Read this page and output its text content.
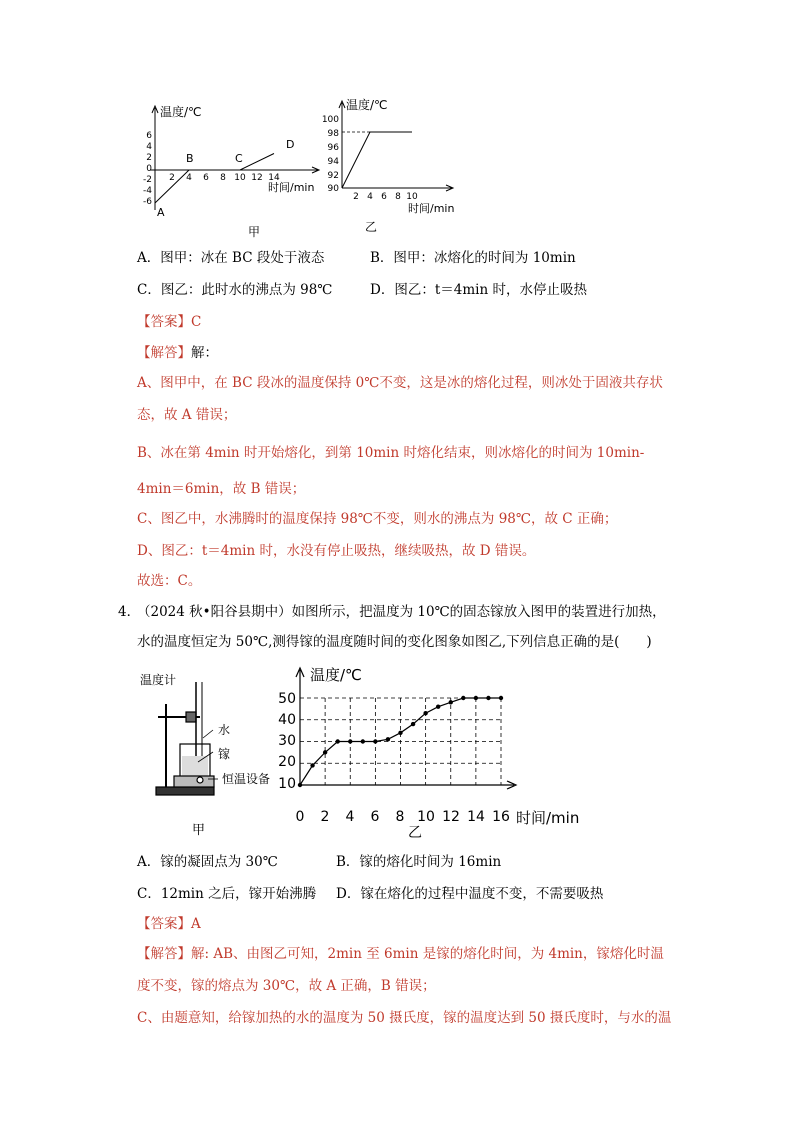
温度/℃
时间/min
6
4
2
0
-2
-4
-6
2 4 6 8 10 12 14
A
B	C
D
甲
温度/℃
时间/min
100
98
96
94
92
90
2 4 6 8 10
乙
A．图甲：冰在 BC 段处于液态	B．图甲：冰熔化的时间为 10min
C．图乙：此时水的沸点为 98℃	D．图乙：t＝4min 时，水停止吸热
【答案】C
【解答】解：
A、图甲中，在 BC 段冰的温度保持 0℃不变，这是冰的熔化过程，则冰处于固液共存状态，故 A 错误；
B、冰在第 4min 时开始熔化，到第 10min 时熔化结束，则冰熔化的时间为 10min-4min＝6min，故 B 错误；
C、图乙中，水沸腾时的温度保持 98℃不变，则水的沸点为 98℃，故 C 正确；
D、图乙：t＝4min 时，水没有停止吸热，继续吸热，故 D 错误。
故选：C。
4．
（2024 秋•阳谷县期中）如图所示，把温度为 10℃的固态镓放入图甲的装置进行加热，
水的温度恒定为 50℃,测得镓的温度随时间的变化图象如图乙,下列信息正确的是(　　)
温度计
水
镓
恒温设备
甲
温度/℃
时间/min
50
40
30
20
10
0 2 4 6 8 10 12 14 16
乙
A．镓的凝固点为 30℃	B．镓的熔化时间为 16min
C．12min 之后，镓开始沸腾 D．镓在熔化的过程中温度不变，不需要吸热
【答案】A
【解答】解: AB、由图乙可知，2min 至 6min 是镓的熔化时间，为 4min，镓熔化时温度不变，镓的熔点为 30℃，故 A 正确，B 错误；
C、由题意知，给镓加热的水的温度为 50 摄氏度，镓的温度达到 50 摄氏度时，与水的温
